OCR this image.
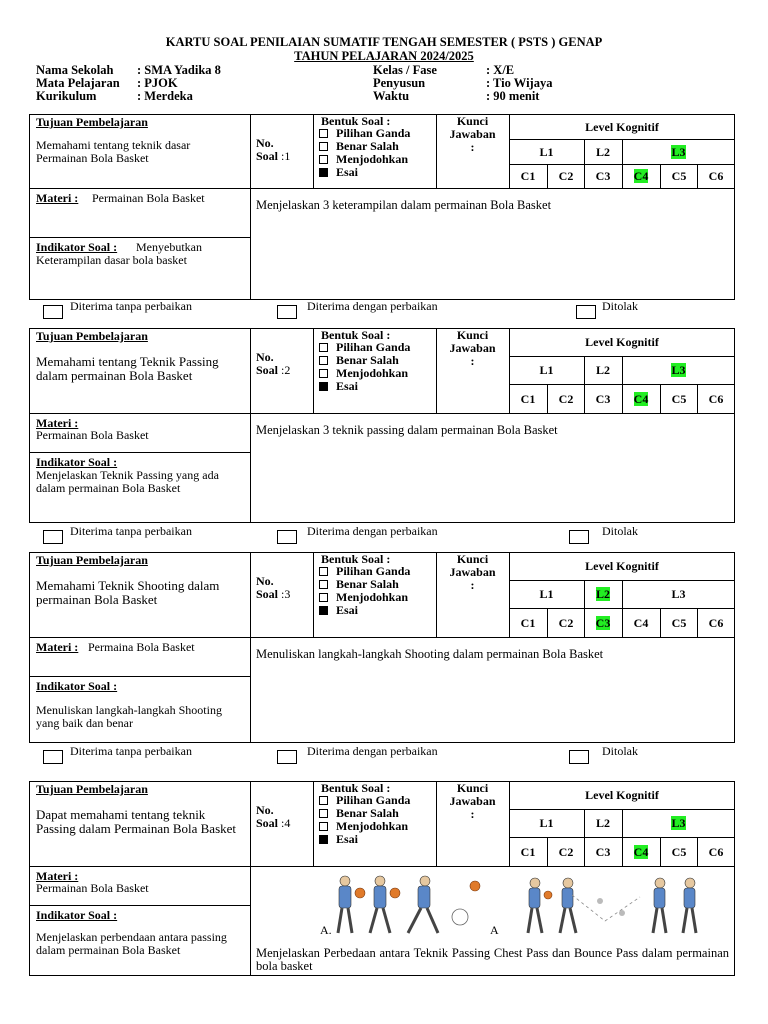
KARTU SOAL PENILAIAN SUMATIF TENGAH SEMESTER ( PSTS ) GENAP
TAHUN PELAJARAN 2024/2025
Nama Sekolah : SMA Yadika 8
Mata Pelajaran : PJOK
Kurikulum	: Merdeka
Kelas / Fase	: X/E
Penyusun	: Tio Wijaya
Waktu	: 90 menit
Tujuan Pembelajaran
Memahami tentang teknik dasar Permainan Bola Basket
Materi : Permainan Bola Basket
Indikator Soal :	Menyebutkan Keterampilan dasar bola basket
No.
Soal :1
Bentuk Soal :
Pilihan Ganda
Benar Salah
Menjodohkan
Esai
Kunci
Jawaban
:
Level Kognitif
L1	L2	L3
C1	C2	C3	C4	C5	C6
Menjelaskan 3 keterampilan dalam permainan Bola Basket
Diterima tanpa perbaikan	Diterima dengan perbaikan	Ditolak
Tujuan Pembelajaran
Memahami tentang Teknik Passing dalam permainan Bola Basket
Materi :
Permainan Bola Basket
Indikator Soal :
Menjelaskan Teknik Passing yang ada dalam permainan Bola Basket
No.
Soal :2
Bentuk Soal :
Pilihan Ganda
Benar Salah
Menjodohkan
Esai
Kunci
Jawaban
:
Level Kognitif
L1	L2	L3
C1	C2	C3	C4	C5	C6
Menjelaskan 3 teknik passing dalam permainan Bola Basket
Diterima tanpa perbaikan	Diterima dengan perbaikan	Ditolak
Tujuan Pembelajaran
Memahami Teknik Shooting dalam permainan Bola Basket
Materi : Permaina Bola Basket
Indikator Soal :
Menuliskan langkah-langkah Shooting yang baik dan benar
No.
Soal :3
Bentuk Soal :
Pilihan Ganda
Benar Salah
Menjodohkan
Esai
Kunci
Jawaban
:
Level Kognitif
L1	L2	L3
C1	C2	C3	C4	C5	C6
Menuliskan langkah-langkah Shooting dalam permainan Bola Basket
Diterima tanpa perbaikan	Diterima dengan perbaikan	Ditolak
Tujuan Pembelajaran
Dapat memahami tentang teknik Passing dalam Permainan Bola Basket
Materi :
Permainan Bola Basket
Indikator Soal :
Menjelaskan perbendaan antara passing dalam permainan Bola Basket
No.
Soal :4
Bentuk Soal :
Pilihan Ganda
Benar Salah
Menjodohkan
Esai
Kunci
Jawaban
:
Level Kognitif
L1	L2	L3
C1	C2	C3	C4	C5	C6
A.	A
Menjelaskan Perbedaan antara Teknik Passing Chest Pass dan Bounce Pass dalam permainan bola basket
